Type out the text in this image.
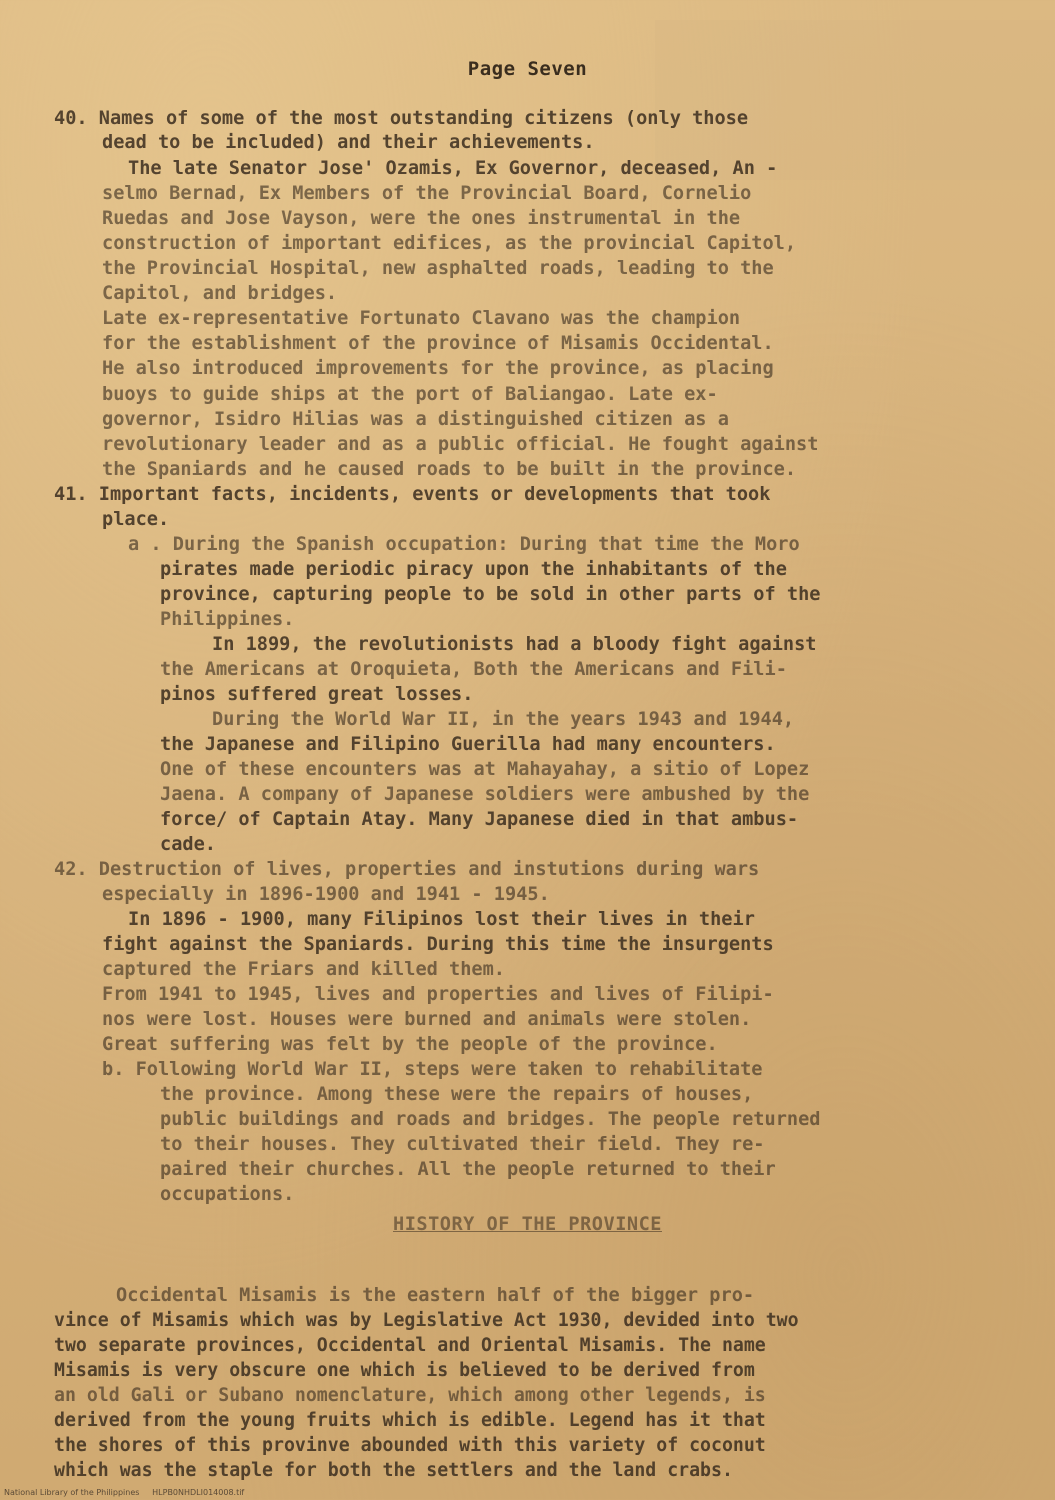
Page Seven
40. Names of some of the most outstanding citizens (only those
dead to be included) and their achievements.
The late Senator Jose' Ozamis, Ex Governor, deceased, An -
selmo Bernad, Ex Members of the Provincial Board, Cornelio
Ruedas and Jose Vayson, were the ones instrumental in the
construction of important edifices, as the provincial Capitol,
the Provincial Hospital, new asphalted roads, leading to the
Capitol, and bridges.
Late ex-representative Fortunato Clavano was the champion
for the establishment of the province of Misamis Occidental.
He also introduced improvements for the province, as placing
buoys to guide ships at the port of Baliangao. Late ex-
governor, Isidro Hilias was a distinguished citizen as a
revolutionary leader and as a public official. He fought against
the Spaniards and he caused roads to be built in the province.
41. Important facts, incidents, events or developments that took
place.
a . During the Spanish occupation: During that time the Moro
pirates made periodic piracy upon the inhabitants of the
province, capturing people to be sold in other parts of the
Philippines.
In 1899, the revolutionists had a bloody fight against
the Americans at Oroquieta, Both the Americans and Fili-
pinos suffered great losses.
During the World War II, in the years 1943 and 1944,
the Japanese and Filipino Guerilla had many encounters.
One of these encounters was at Mahayahay, a sitio of Lopez
Jaena. A company of Japanese soldiers were ambushed by the
force/ of Captain Atay. Many Japanese died in that ambus-
cade.
42. Destruction of lives, properties and instutions during wars
especially in 1896-1900 and 1941 - 1945.
In 1896 - 1900, many Filipinos lost their lives in their
fight against the Spaniards. During this time the insurgents
captured the Friars and killed them.
From 1941 to 1945, lives and properties and lives of Filipi-
nos were lost. Houses were burned and animals were stolen.
Great suffering was felt by the people of the province.
b. Following World War II, steps were taken to rehabilitate
the province. Among these were the repairs of houses,
public buildings and roads and bridges. The people returned
to their houses. They cultivated their field. They re-
paired their churches. All the people returned to their
occupations.
HISTORY OF THE PROVINCE
Occidental Misamis is the eastern half of the bigger pro-
vince of Misamis which was by Legislative Act 1930, devided into two
two separate provinces, Occidental and Oriental Misamis. The name
Misamis is very obscure one which is believed to be derived from
an old Gali or Subano nomenclature, which among other legends, is
derived from the young fruits which is edible. Legend has it that
the shores of this provinve abounded with this variety of coconut
which was the staple for both the settlers and the land crabs.
National Library of the Philippines HLPB0NHDLI014008.tif
